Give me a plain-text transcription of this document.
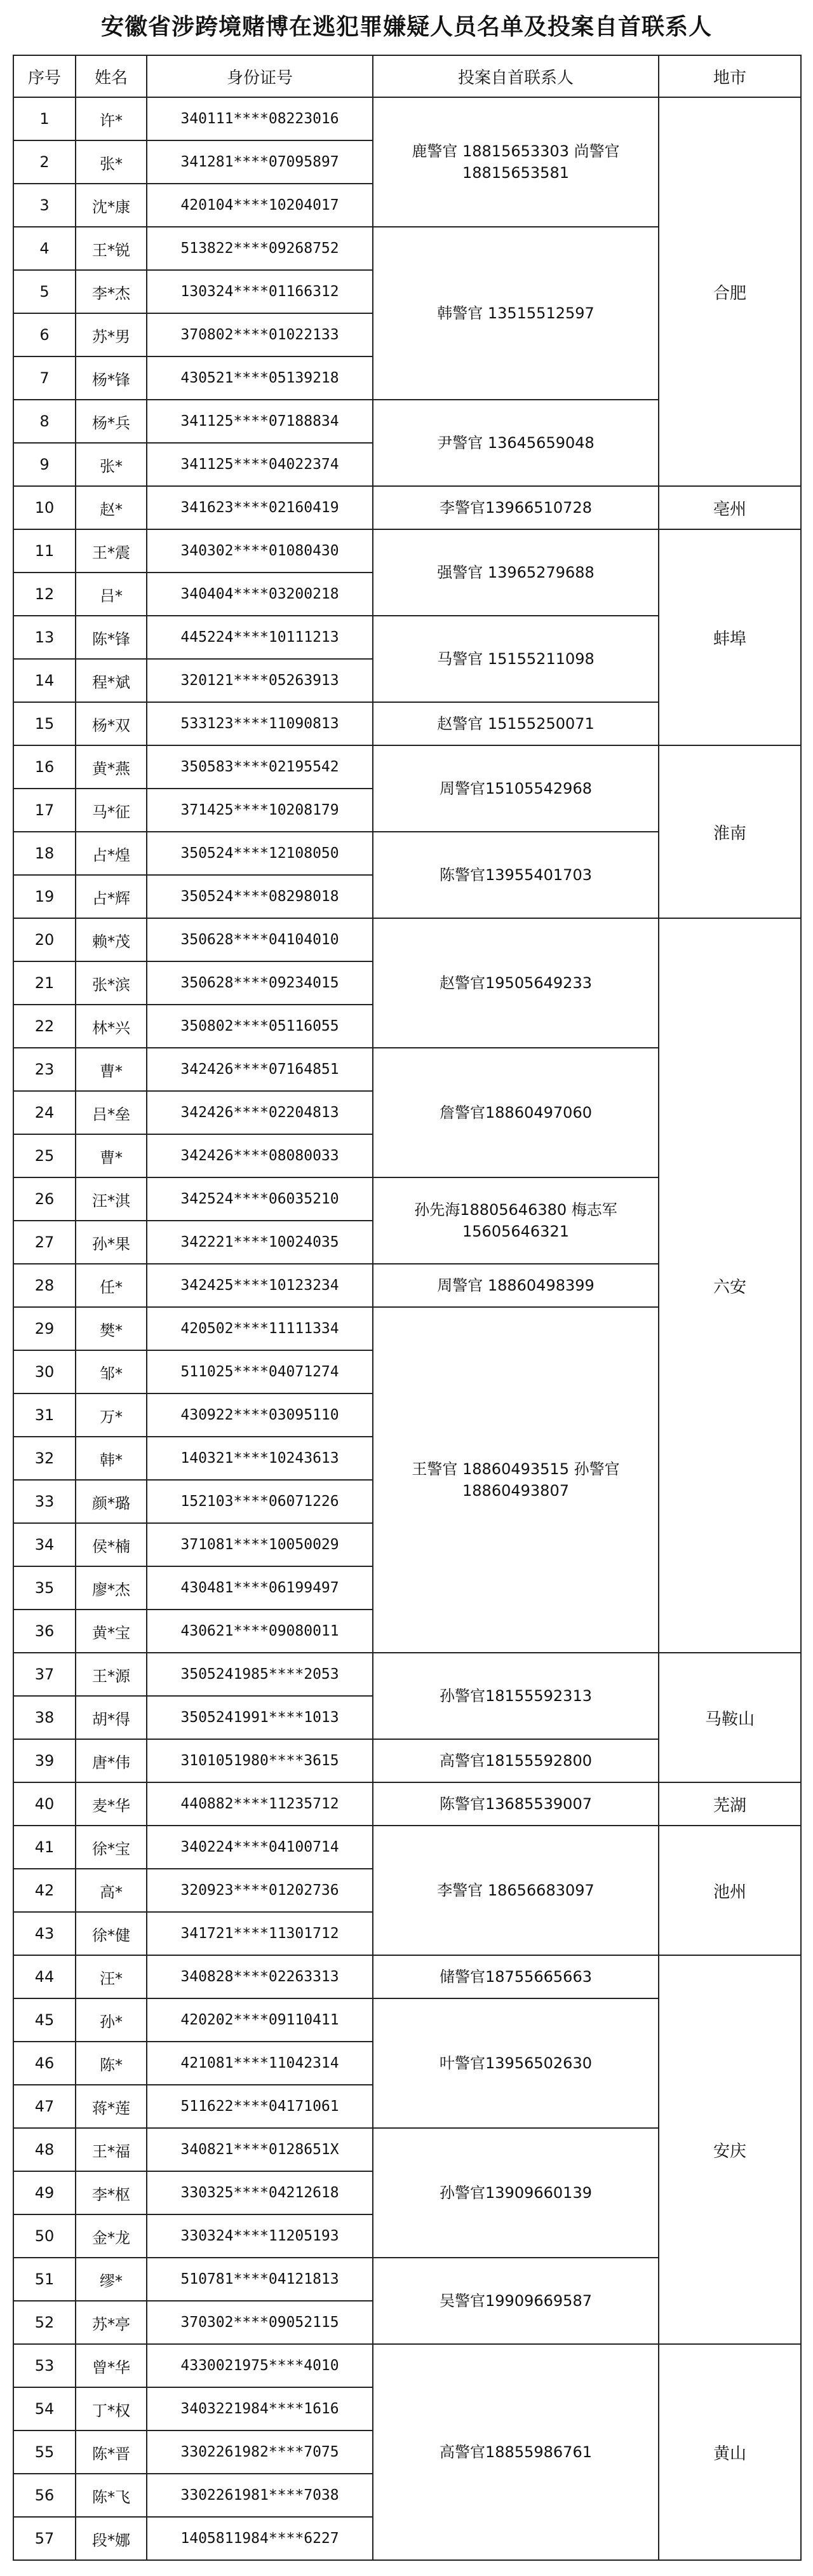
安徽省涉跨境赌博在逃犯罪嫌疑人员名单及投案自首联系人
序号	姓名	身份证号	投案自首联系人	地市
1	许*	340111****08223016	鹿警官 18815653303 尚警官 18815653581	合肥
2	张*	341281****07095897		
3	沈*康	420104****10204017		
4	王*锐	513822****09268752	韩警官 13515512597	
5	李*杰	130324****01166312		
6	苏*男	370802****01022133		
7	杨*锋	430521****05139218		
8	杨*兵	341125****07188834	尹警官 13645659048	
9	张*	341125****04022374		
10	赵*	341623****02160419	李警官13966510728	亳州
11	王*震	340302****01080430	强警官 13965279688	蚌埠
12	吕*	340404****03200218		
13	陈*锋	445224****10111213	马警官 15155211098	
14	程*斌	320121****05263913		
15	杨*双	533123****11090813	赵警官 15155250071	
16	黄*燕	350583****02195542	周警官15105542968	淮南
17	马*征	371425****10208179		
18	占*煌	350524****12108050	陈警官13955401703	
19	占*辉	350524****08298018		
20	赖*茂	350628****04104010	赵警官19505649233	六安
21	张*滨	350628****09234015		
22	林*兴	350802****05116055		
23	曹*	342426****07164851	詹警官18860497060	
24	吕*垒	342426****02204813		
25	曹*	342426****08080033		
26	汪*淇	342524****06035210	孙先海18805646380 梅志军15605646321	
27	孙*果	342221****10024035		
28	任*	342425****10123234	周警官 18860498399	
29	樊*	420502****11111334	王警官 18860493515 孙警官18860493807	
30	邹*	511025****04071274		
31	万*	430922****03095110		
32	韩*	140321****10243613		
33	颜*璐	152103****06071226		
34	侯*楠	371081****10050029		
35	廖*杰	430481****06199497		
36	黄*宝	430621****09080011		
37	王*源	3505241985****2053	孙警官18155592313	马鞍山
38	胡*得	3505241991****1013		
39	唐*伟	3101051980****3615	高警官18155592800	
40	麦*华	440882****11235712	陈警官13685539007	芜湖
41	徐*宝	340224****04100714	李警官 18656683097	池州
42	高*	320923****01202736		
43	徐*健	341721****11301712		
44	汪*	340828****02263313	储警官18755665663	安庆
45	孙*	420202****09110411	叶警官13956502630	
46	陈*	421081****11042314		
47	蒋*莲	511622****04171061		
48	王*福	340821****0128651X	孙警官13909660139	
49	李*枢	330325****04212618		
50	金*龙	330324****11205193		
51	缪*	510781****04121813	吴警官19909669587	
52	苏*亭	370302****09052115		
53	曾*华	4330021975****4010	高警官18855986761	黄山
54	丁*权	3403221984****1616		
55	陈*晋	3302261982****7075		
56	陈*飞	3302261981****7038		
57	段*娜	1405811984****6227		
